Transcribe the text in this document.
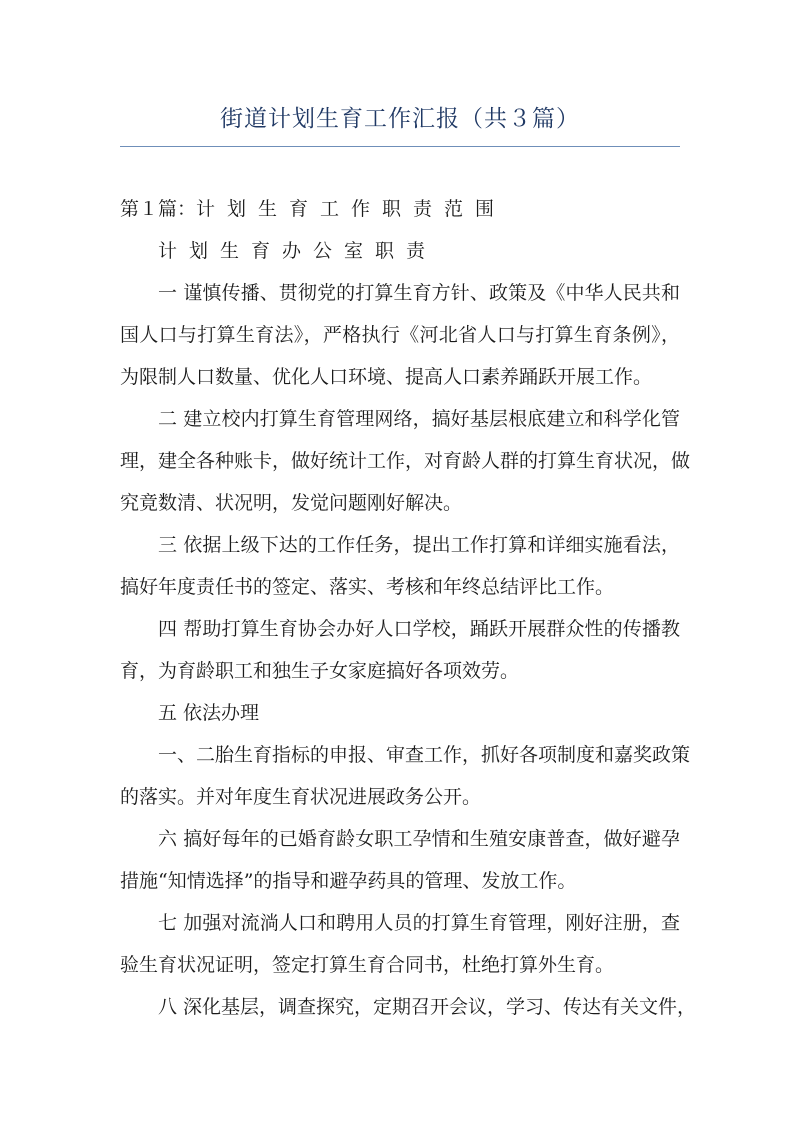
街道计划生育工作汇报（共３篇）
第１篇：计划生育工作职责范围
计划生育办公室职责
一 谨慎传播、贯彻党的打算生育方针、政策及《中华人民共和
国人口与打算生育法》，严格执行《河北省人口与打算生育条例》，
为限制人口数量、优化人口环境、提高人口素养踊跃开展工作。
二 建立校内打算生育管理网络，搞好基层根底建立和科学化管
理，建全各种账卡，做好统计工作，对育龄人群的打算生育状况，做
究竟数清、状况明，发觉问题刚好解决。
三 依据上级下达的工作任务，提出工作打算和详细实施看法，
搞好年度责任书的签定、落实、考核和年终总结评比工作。
四 帮助打算生育协会办好人口学校，踊跃开展群众性的传播教
育，为育龄职工和独生子女家庭搞好各项效劳。
五 依法办理
一、二胎生育指标的申报、审查工作，抓好各项制度和嘉奖政策
的落实。并对年度生育状况进展政务公开。
六 搞好每年的已婚育龄女职工孕情和生殖安康普查，做好避孕
措施“知情选择”的指导和避孕药具的管理、发放工作。
七 加强对流淌人口和聘用人员的打算生育管理，刚好注册，查
验生育状况证明，签定打算生育合同书，杜绝打算外生育。
八 深化基层，调查探究，定期召开会议，学习、传达有关文件，
